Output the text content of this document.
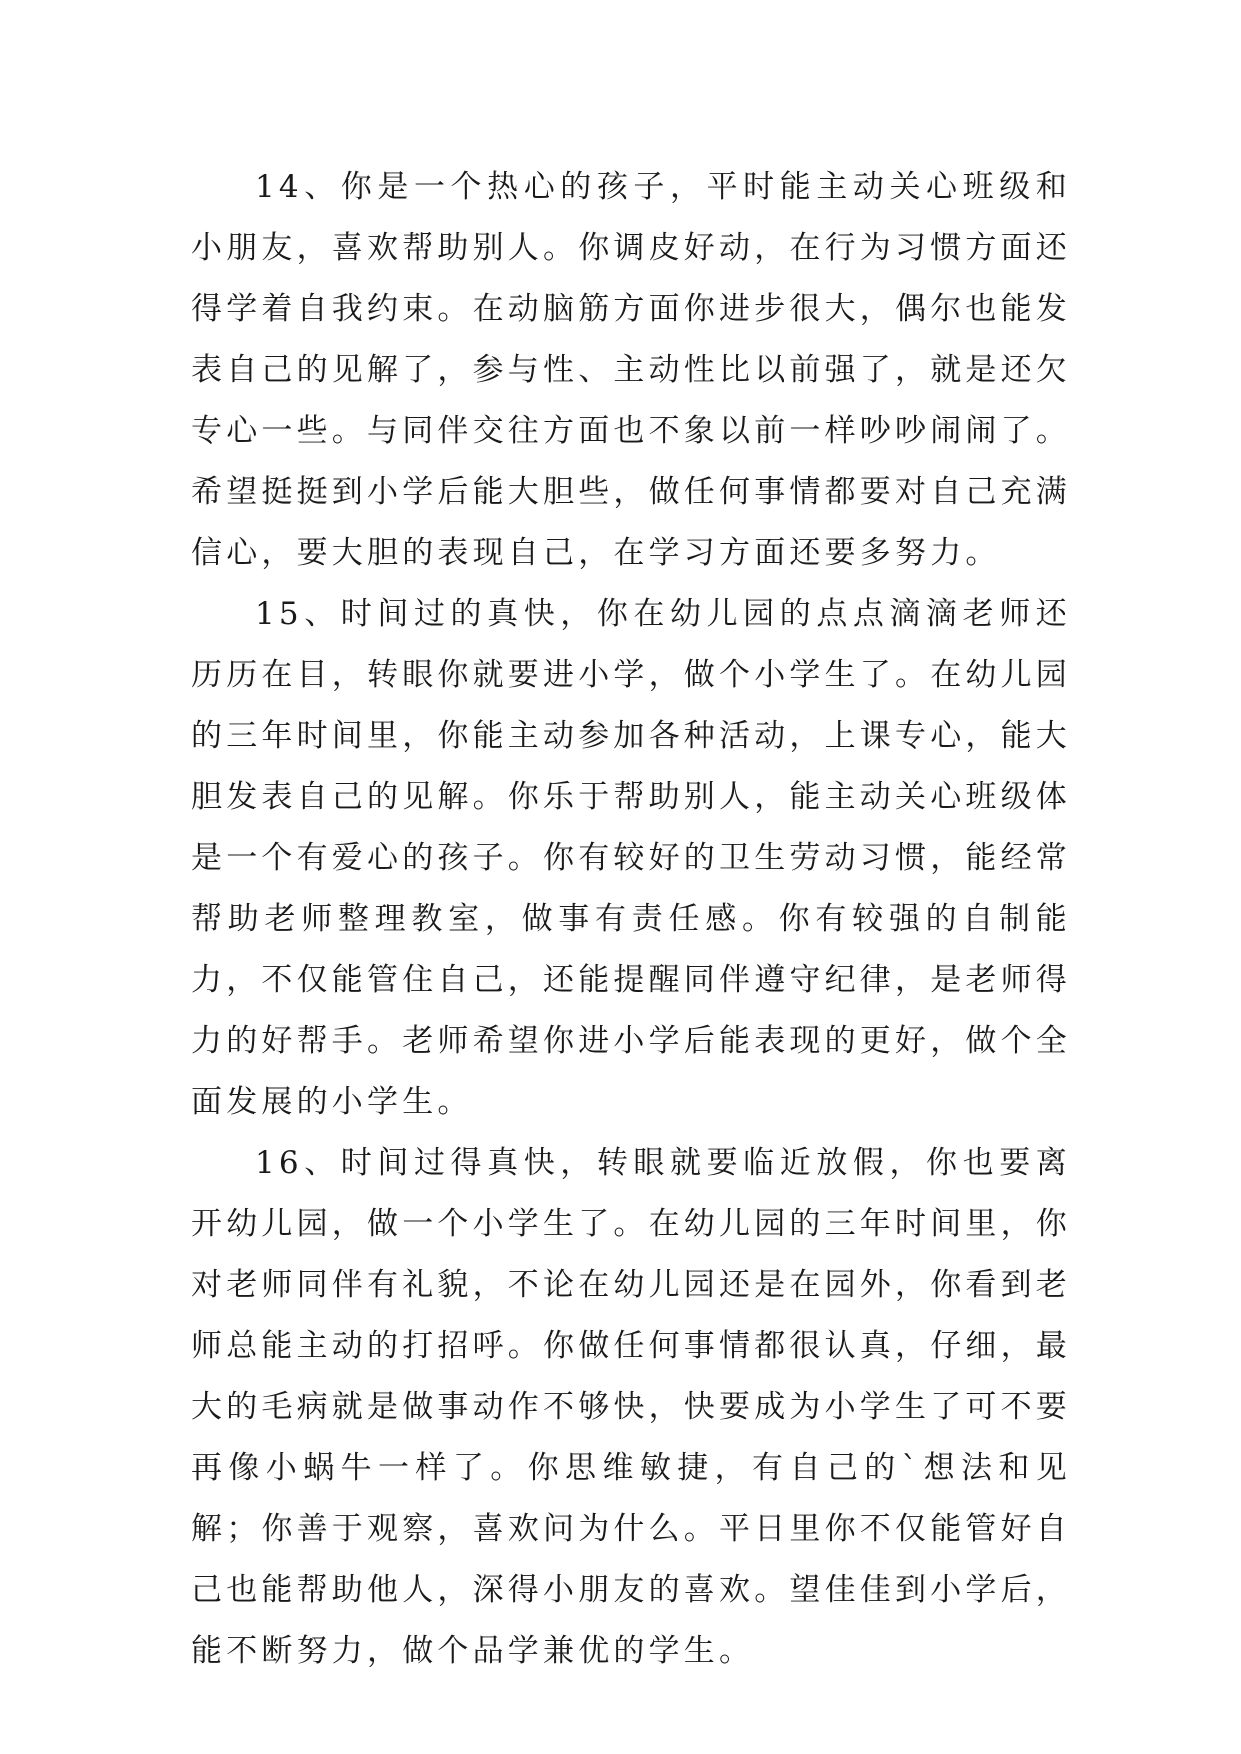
14、你是一个热心的孩子，平时能主动关心班级和小朋友，喜欢帮助别人。你调皮好动，在行为习惯方面还得学着自我约束。在动脑筋方面你进步很大，偶尔也能发表自己的见解了，参与性、主动性比以前强了，就是还欠专心一些。与同伴交往方面也不象以前一样吵吵闹闹了。希望挺挺到小学后能大胆些，做任何事情都要对自己充满信心，要大胆的表现自己，在学习方面还要多努力。

15、时间过的真快，你在幼儿园的点点滴滴老师还历历在目，转眼你就要进小学，做个小学生了。在幼儿园的三年时间里，你能主动参加各种活动，上课专心，能大胆发表自己的见解。你乐于帮助别人，能主动关心班级体是一个有爱心的孩子。你有较好的卫生劳动习惯，能经常帮助老师整理教室，做事有责任感。你有较强的自制能力，不仅能管住自己，还能提醒同伴遵守纪律，是老师得力的好帮手。老师希望你进小学后能表现的更好，做个全面发展的小学生。

16、时间过得真快，转眼就要临近放假，你也要离开幼儿园，做一个小学生了。在幼儿园的三年时间里，你对老师同伴有礼貌，不论在幼儿园还是在园外，你看到老师总能主动的打招呼。你做任何事情都很认真，仔细，最大的毛病就是做事动作不够快，快要成为小学生了可不要再像小蜗牛一样了。你思维敏捷，有自己的`想法和见解；你善于观察，喜欢问为什么。平日里你不仅能管好自己也能帮助他人，深得小朋友的喜欢。望佳佳到小学后，能不断努力，做个品学兼优的学生。
